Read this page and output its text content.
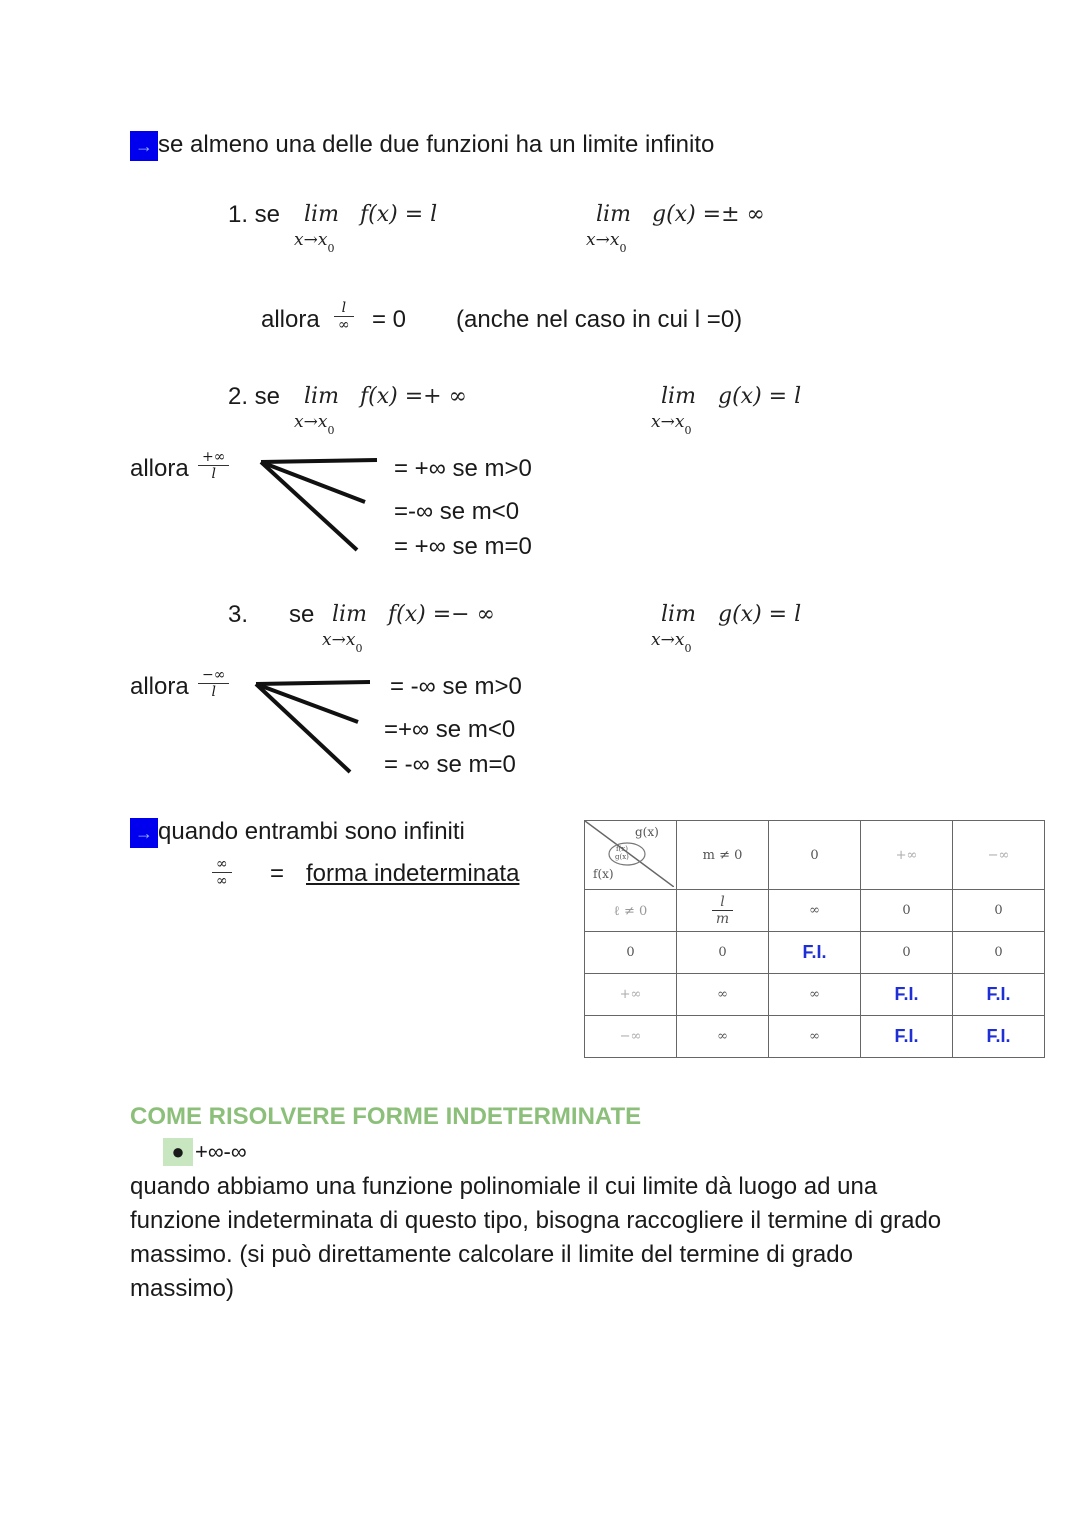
→ se almeno una delle due funzioni ha un limite infinito
1. se lim
$x\to x_0$
f(x) = l	lim
$x\to x_0$
g(x) =± ∞
allora $\frac{l}{\infty} = 0$ (anche nel caso in cui l =0)
2. se lim
$x\to x_0$
f(x) =+ ∞	lim
$x\to x_0$
g(x) = l
allora $\frac{+\infty}{l}$	= +∞ se m>0
=-∞ se m<0
= +∞ se m=0
3. se lim
$x\to x_0$
f(x) =− ∞	lim
$x\to x_0$
g(x) = l
allora $\frac{-\infty}{l}$	= -∞ se m>0
=+∞ se m<0
= -∞ se m=0
→ quando entrambi sono infiniti
$\frac{\infty}{\infty}$ = forma indeterminata
g(x)
f(x)
g(x)
f(x)	m ≠ 0	0	+∞	−∞
ℓ ≠ 0	$\frac{l}{m}$	∞	0	0
0	0	F.I.	0	0
+∞	∞	∞	F.I.	F.I.
−∞	∞	∞	F.I.	F.I.
COME RISOLVERE FORME INDETERMINATE
● +∞-∞
quando abbiamo una funzione polinomiale il cui limite dà luogo ad una funzione indeterminata di questo tipo, bisogna raccogliere il termine di grado massimo. (si può direttamente calcolare il limite del termine di grado massimo)
